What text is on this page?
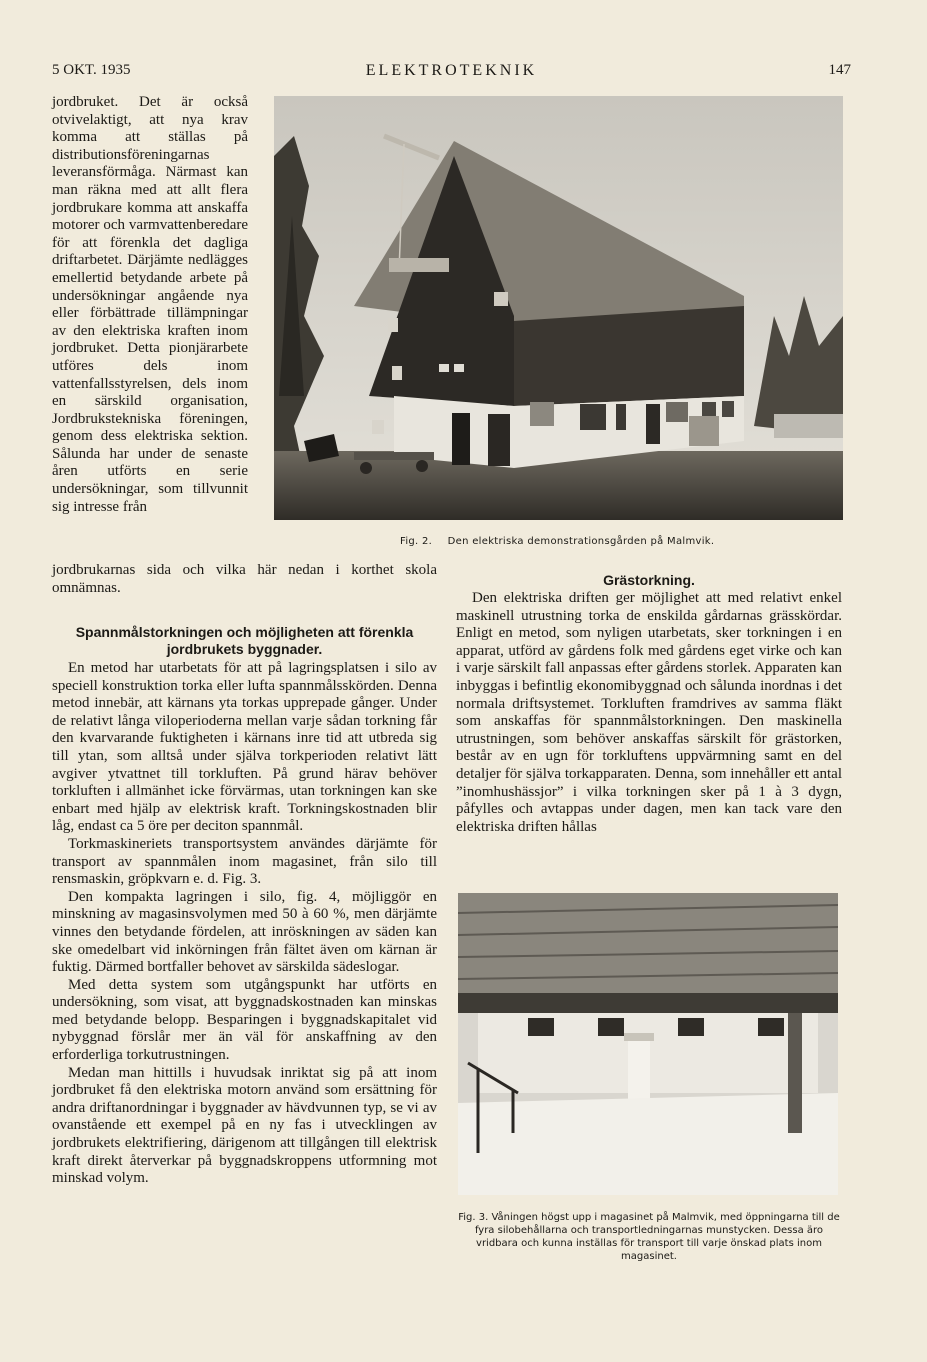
5 OKT. 1935	ELEKTROTEKNIK	147

jordbruket. Det är också otvivelaktigt, att nya krav komma att ställas på distributionsföreningarnas leveransförmåga. Närmast kan man räkna med att allt flera jordbrukare komma att anskaffa motorer och varmvattenberedare för att förenkla det dagliga driftarbetet. Därjämte nedlägges emellertid betydande arbete på undersökningar angående nya eller förbättrade tillämpningar av den elektriska kraften inom jordbruket. Detta pionjärarbete utföres dels inom vattenfallsstyrelsen, dels inom en särskild organisation, Jordbrukstekniska föreningen, genom dess elektriska sektion. Sålunda har under de senaste åren utförts en serie undersökningar, som tillvunnit sig intresse från

jordbrukarnas sida och vilka här nedan i korthet skola omnämnas.

Fig. 2. Den elektriska demonstrationsgården på Malmvik.
Spannmålstorkningen och möjligheten att förenkla jordbrukets byggnader.

En metod har utarbetats för att på lagringsplatsen i silo av speciell konstruktion torka eller lufta spannmålsskörden. Denna metod innebär, att kärnans yta torkas upprepade gånger. Under de relativt långa viloperioderna mellan varje sådan torkning får den kvarvarande fuktigheten i kärnans inre tid att utbreda sig till ytan, som alltså under själva torkperioden relativt lätt avgiver ytvattnet till torkluften. På grund härav behöver torkluften i allmänhet icke förvärmas, utan torkningen kan ske enbart med hjälp av elektrisk kraft. Torkningskostnaden blir låg, endast ca 5 öre per deciton spannmål.

Torkmaskineriets transportsystem användes därjämte för transport av spannmålen inom magasinet, från silo till rensmaskin, gröpkvarn e. d. Fig. 3.

Den kompakta lagringen i silo, fig. 4, möjliggör en minskning av magasinsvolymen med 50 à 60 %, men därjämte vinnes den betydande fördelen, att inröskningen av säden kan ske omedelbart vid inkörningen från fältet även om kärnan är fuktig. Därmed bortfaller behovet av särskilda sädeslogar.

Med detta system som utgångspunkt har utförts en undersökning, som visat, att byggnadskostnaden kan minskas med betydande belopp. Besparingen i byggnadskapitalet vid nybyggnad förslår mer än väl för anskaffning av den erforderliga torkutrustningen.

Medan man hittills i huvudsak inriktat sig på att inom jordbruket få den elektriska motorn använd som ersättning för andra driftanordningar i byggnader av hävdvunnen typ, se vi av ovanstående ett exempel på en ny fas i utvecklingen av jordbrukets elektrifiering, därigenom att tillgången till elektrisk kraft direkt återverkar på byggnadskroppens utformning mot minskad volym.

Grästorkning.

Den elektriska driften ger möjlighet att med relativt enkel maskinell utrustning torka de enskilda gårdarnas grässkördar. Enligt en metod, som nyligen utarbetats, sker torkningen i en apparat, utförd av gårdens folk med gårdens eget virke och kan i varje särskilt fall anpassas efter gårdens storlek. Apparaten kan inbyggas i befintlig ekonomibyggnad och sålunda inordnas i det normala driftsystemet. Torkluften framdrives av samma fläkt som anskaffas för spannmålstorkningen. Den maskinella utrustningen, som behöver anskaffas särskilt för grästorken, består av en ugn för torkluftens uppvärmning samt en del detaljer för själva torkapparaten. Denna, som innehåller ett antal ”inomhushässjor” i vilka torkningen sker på 1 à 3 dygn, påfylles och avtappas under dagen, men kan tack vare den elektriska driften hållas

Fig. 3. Våningen högst upp i magasinet på Malmvik, med öppningarna till de fyra silobehållarna och transportledningarnas munstycken. Dessa äro vridbara och kunna inställas för transport till varje önskad plats inom magasinet.
